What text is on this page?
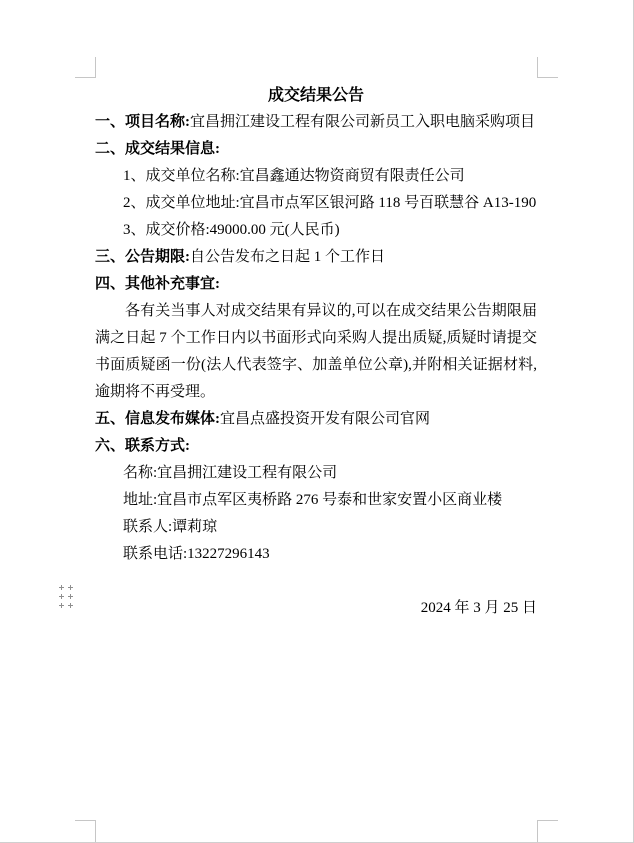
成交结果公告
一、项目名称:宜昌拥江建设工程有限公司新员工入职电脑采购项目
二、成交结果信息:
1、成交单位名称:宜昌鑫通达物资商贸有限责任公司
2、成交单位地址:宜昌市点军区银河路 118 号百联慧谷 A13-190
3、成交价格:49000.00 元(人民币)
三、公告期限:自公告发布之日起 1 个工作日
四、其他补充事宜:
各有关当事人对成交结果有异议的,可以在成交结果公告期限届满之日起 7 个工作日内以书面形式向采购人提出质疑,质疑时请提交书面质疑函一份(法人代表签字、加盖单位公章),并附相关证据材料, 逾期将不再受理。
五、信息发布媒体:宜昌点盛投资开发有限公司官网
六、联系方式:
名称:宜昌拥江建设工程有限公司
地址:宜昌市点军区夷桥路 276 号泰和世家安置小区商业楼
联系人:谭莉琼
联系电话:13227296143
2024 年 3 月 25 日
